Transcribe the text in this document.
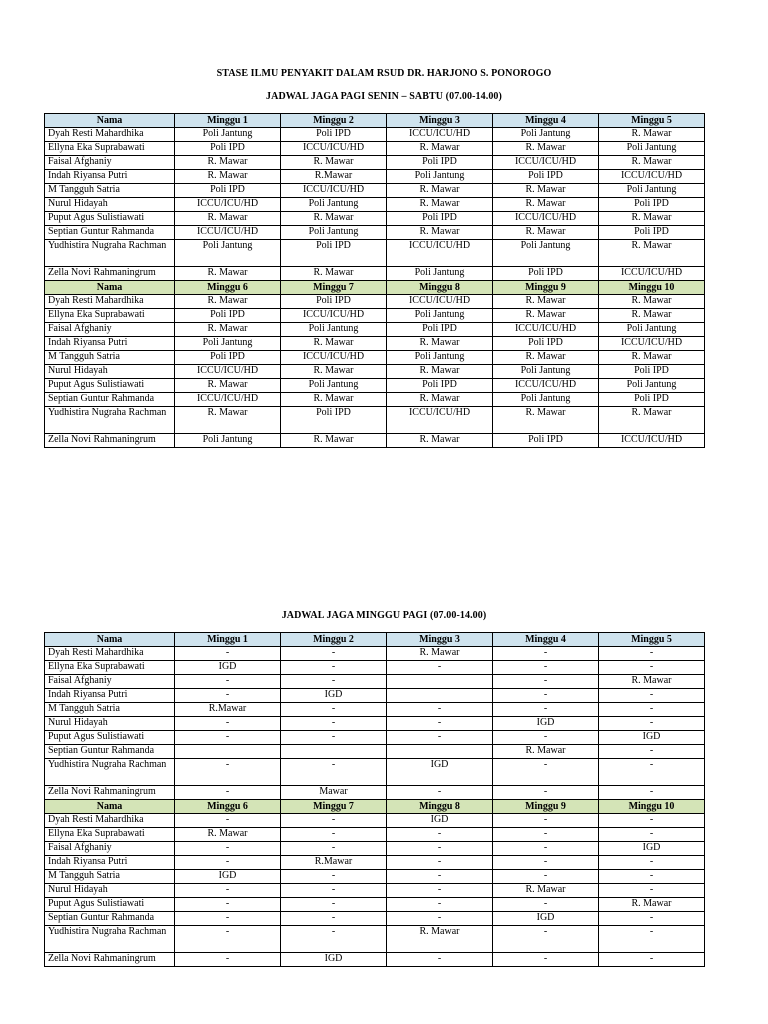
STASE ILMU PENYAKIT DALAM RSUD DR. HARJONO S. PONOROGO
JADWAL JAGA PAGI SENIN – SABTU (07.00-14.00)
Nama	Minggu 1	Minggu 2	Minggu 3	Minggu 4	Minggu 5
Dyah Resti Mahardhika	Poli Jantung	Poli IPD	ICCU/ICU/HD	Poli Jantung	R. Mawar
Ellyna Eka Suprabawati	Poli IPD	ICCU/ICU/HD	R. Mawar	R. Mawar	Poli Jantung
Faisal Afghaniy	R. Mawar	R. Mawar	Poli IPD	ICCU/ICU/HD	R. Mawar
Indah Riyansa Putri	R. Mawar	R.Mawar	Poli Jantung	Poli IPD	ICCU/ICU/HD
M Tangguh Satria	Poli IPD	ICCU/ICU/HD	R. Mawar	R. Mawar	Poli Jantung
Nurul Hidayah	ICCU/ICU/HD	Poli Jantung	R. Mawar	R. Mawar	Poli IPD
Puput Agus Sulistiawati	R. Mawar	R. Mawar	Poli IPD	ICCU/ICU/HD	R. Mawar
Septian Guntur Rahmanda	ICCU/ICU/HD	Poli Jantung	R. Mawar	R. Mawar	Poli IPD
Yudhistira Nugraha Rachman	Poli Jantung	Poli IPD	ICCU/ICU/HD	Poli Jantung	R. Mawar
Zella Novi Rahmaningrum	R. Mawar	R. Mawar	Poli Jantung	Poli IPD	ICCU/ICU/HD
Nama	Minggu 6	Minggu 7	Minggu 8	Minggu 9	Minggu 10
Dyah Resti Mahardhika	R. Mawar	Poli IPD	ICCU/ICU/HD	R. Mawar	R. Mawar
Ellyna Eka Suprabawati	Poli IPD	ICCU/ICU/HD	Poli Jantung	R. Mawar	R. Mawar
Faisal Afghaniy	R. Mawar	Poli Jantung	Poli IPD	ICCU/ICU/HD	Poli Jantung
Indah Riyansa Putri	Poli Jantung	R. Mawar	R. Mawar	Poli IPD	ICCU/ICU/HD
M Tangguh Satria	Poli IPD	ICCU/ICU/HD	Poli Jantung	R. Mawar	R. Mawar
Nurul Hidayah	ICCU/ICU/HD	R. Mawar	R. Mawar	Poli Jantung	Poli IPD
Puput Agus Sulistiawati	R. Mawar	Poli Jantung	Poli IPD	ICCU/ICU/HD	Poli Jantung
Septian Guntur Rahmanda	ICCU/ICU/HD	R. Mawar	R. Mawar	Poli Jantung	Poli IPD
Yudhistira Nugraha Rachman	R. Mawar	Poli IPD	ICCU/ICU/HD	R. Mawar	R. Mawar
Zella Novi Rahmaningrum	Poli Jantung	R. Mawar	R. Mawar	Poli IPD	ICCU/ICU/HD
JADWAL JAGA MINGGU PAGI (07.00-14.00)
Nama	Minggu 1	Minggu 2	Minggu 3	Minggu 4	Minggu 5
Dyah Resti Mahardhika	-	-	R. Mawar	-	-
Ellyna Eka Suprabawati	IGD	-	-	-	-
Faisal Afghaniy	-	-		-	R. Mawar
Indah Riyansa Putri	-	IGD		-	-
M Tangguh Satria	R.Mawar	-	-	-	-
Nurul Hidayah	-	-	-	IGD	-
Puput Agus Sulistiawati	-	-	-	-	IGD
Septian Guntur Rahmanda				R. Mawar	-
Yudhistira Nugraha Rachman	-	-	IGD	-	-
Zella Novi Rahmaningrum	-	Mawar	-	-	-
Nama	Minggu 6	Minggu 7	Minggu 8	Minggu 9	Minggu 10
Dyah Resti Mahardhika	-	-	IGD	-	-
Ellyna Eka Suprabawati	R. Mawar	-	-	-	-
Faisal Afghaniy	-	-	-	-	IGD
Indah Riyansa Putri	-	R.Mawar	-	-	-
M Tangguh Satria	IGD	-	-	-	-
Nurul Hidayah	-	-	-	R. Mawar	-
Puput Agus Sulistiawati	-	-	-	-	R. Mawar
Septian Guntur Rahmanda	-	-	-	IGD	-
Yudhistira Nugraha Rachman	-	-	R. Mawar	-	-
Zella Novi Rahmaningrum	-	IGD	-	-	-
